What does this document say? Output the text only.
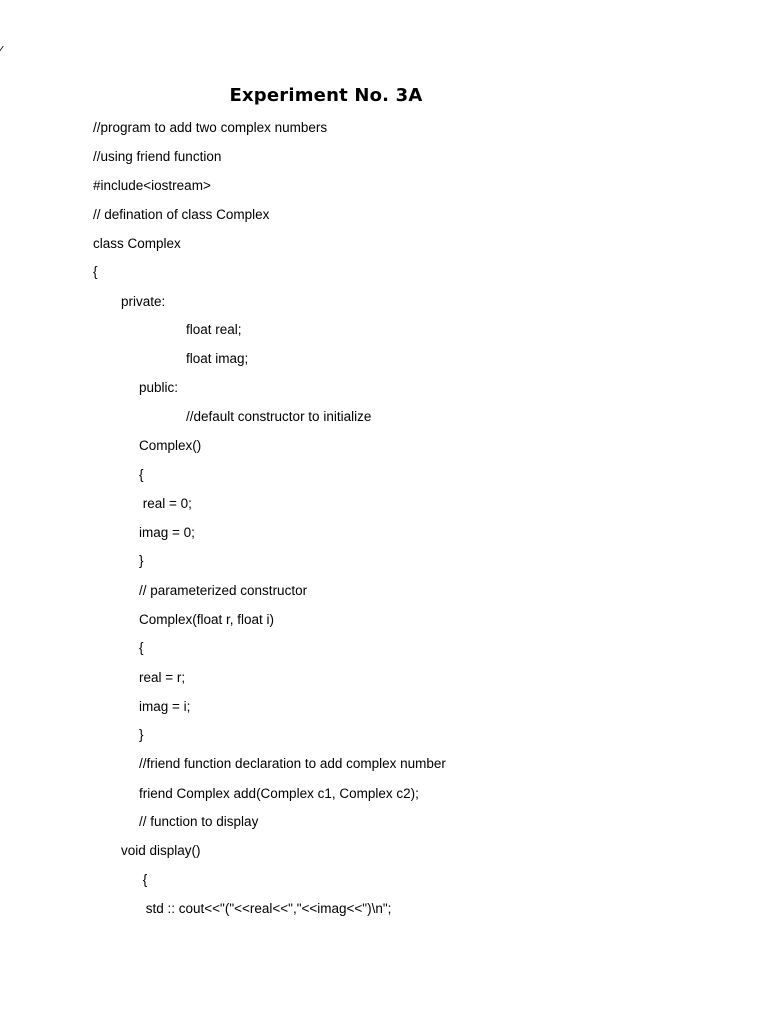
Experiment No. 3A
//program to add two complex numbers
//using friend function
#include<iostream>
// defination of class Complex
class Complex
{
private:
float real;
float imag;
public:
//default constructor to initialize
Complex()
{
real = 0;
imag = 0;
}
// parameterized constructor
Complex(float r, float i)
{
real = r;
imag = i;
}
//friend function declaration to add complex number
friend Complex add(Complex c1, Complex c2);
// function to display
void display()
{
std :: cout<<"("<<real<<","<<imag<<")\n";
